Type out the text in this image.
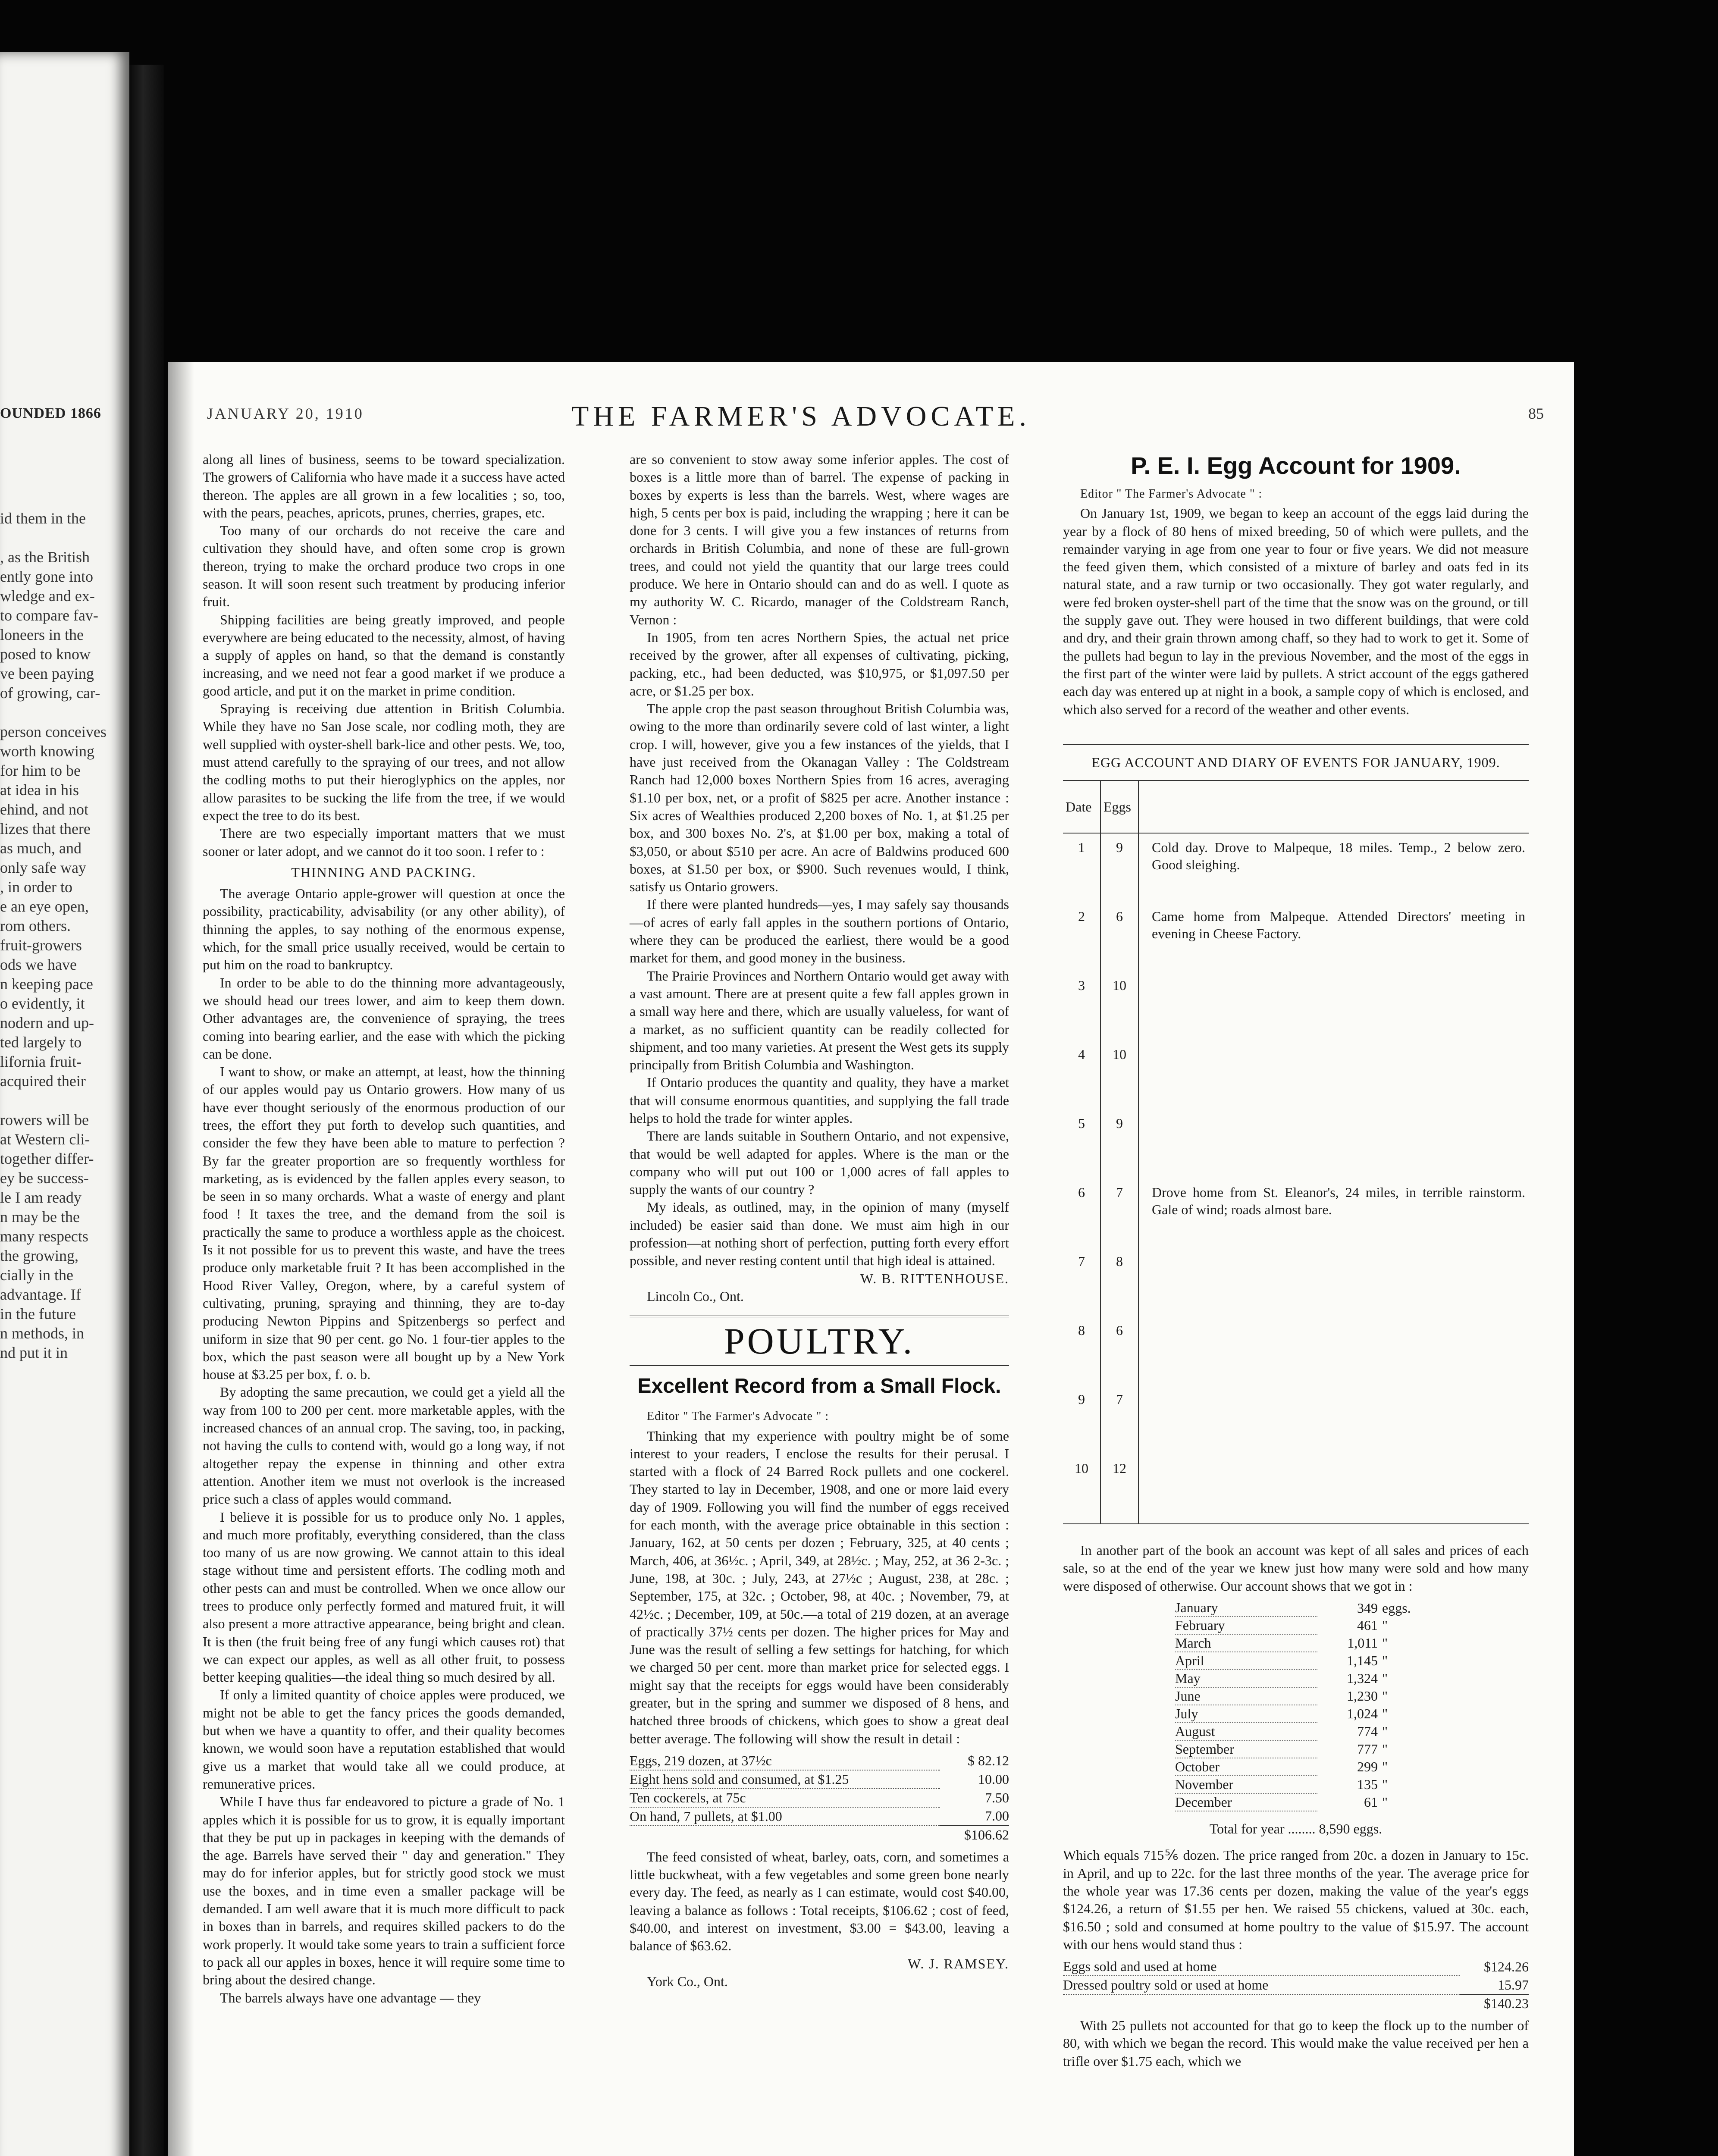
OUNDED 1866
id them in the

, as the British
ently gone into
wledge and ex-
to compare fav-
loneers in the
posed to know
ve been paying
of growing, car-

person conceives
worth knowing
for him to be
at idea in his
ehind, and not
lizes that there
as much, and
only safe way
, in order to
e an eye open,
rom others.
fruit-growers
ods we have
n keeping pace
o evidently, it
nodern and up-
ted largely to
lifornia fruit-
acquired their

rowers will be
at Western cli-
together differ-
ey be success-
le I am ready
n may be the
many respects
the growing,
cially in the
advantage. If
in the future
n methods, in
nd put it in
JANUARY 20, 1910	THE FARMER'S ADVOCATE.	85

along all lines of business, seems to be toward specialization. The growers of California who have made it a success have acted thereon. The apples are all grown in a few localities ; so, too, with the pears, peaches, apricots, prunes, cherries, grapes, etc.

Too many of our orchards do not receive the care and cultivation they should have, and often some crop is grown thereon, trying to make the orchard produce two crops in one season. It will soon resent such treatment by producing inferior fruit.

Shipping facilities are being greatly improved, and people everywhere are being educated to the necessity, almost, of having a supply of apples on hand, so that the demand is constantly increasing, and we need not fear a good market if we produce a good article, and put it on the market in prime condition.

Spraying is receiving due attention in British Columbia. While they have no San Jose scale, nor codling moth, they are well supplied with oyster-shell bark-lice and other pests. We, too, must attend carefully to the spraying of our trees, and not allow the codling moths to put their hieroglyphics on the apples, nor allow parasites to be sucking the life from the tree, if we would expect the tree to do its best.

There are two especially important matters that we must sooner or later adopt, and we cannot do it too soon. I refer to :

THINNING AND PACKING.

The average Ontario apple-grower will question at once the possibility, practicability, advisability (or any other ability), of thinning the apples, to say nothing of the enormous expense, which, for the small price usually received, would be certain to put him on the road to bankruptcy.

In order to be able to do the thinning more advantageously, we should head our trees lower, and aim to keep them down. Other advantages are, the convenience of spraying, the trees coming into bearing earlier, and the ease with which the picking can be done.

I want to show, or make an attempt, at least, how the thinning of our apples would pay us Ontario growers. How many of us have ever thought seriously of the enormous production of our trees, the effort they put forth to develop such quantities, and consider the few they have been able to mature to perfection ? By far the greater proportion are so frequently worthless for marketing, as is evidenced by the fallen apples every season, to be seen in so many orchards. What a waste of energy and plant food ! It taxes the tree, and the demand from the soil is practically the same to produce a worthless apple as the choicest. Is it not possible for us to prevent this waste, and have the trees produce only marketable fruit ? It has been accomplished in the Hood River Valley, Oregon, where, by a careful system of cultivating, pruning, spraying and thinning, they are to-day producing Newton Pippins and Spitzenbergs so perfect and uniform in size that 90 per cent. go No. 1 four-tier apples to the box, which the past season were all bought up by a New York house at $3.25 per box, f. o. b.

By adopting the same precaution, we could get a yield all the way from 100 to 200 per cent. more marketable apples, with the increased chances of an annual crop. The saving, too, in packing, not having the culls to contend with, would go a long way, if not altogether repay the expense in thinning and other extra attention. Another item we must not overlook is the increased price such a class of apples would command.

I believe it is possible for us to produce only No. 1 apples, and much more profitably, everything considered, than the class too many of us are now growing. We cannot attain to this ideal stage without time and persistent efforts. The codling moth and other pests can and must be controlled. When we once allow our trees to produce only perfectly formed and matured fruit, it will also present a more attractive appearance, being bright and clean. It is then (the fruit being free of any fungi which causes rot) that we can expect our apples, as well as all other fruit, to possess better keeping qualities—the ideal thing so much desired by all.

If only a limited quantity of choice apples were produced, we might not be able to get the fancy prices the goods demanded, but when we have a quantity to offer, and their quality becomes known, we would soon have a reputation established that would give us a market that would take all we could produce, at remunerative prices.

While I have thus far endeavored to picture a grade of No. 1 apples which it is possible for us to grow, it is equally important that they be put up in packages in keeping with the demands of the age. Barrels have served their " day and generation." They may do for inferior apples, but for strictly good stock we must use the boxes, and in time even a smaller package will be demanded. I am well aware that it is much more difficult to pack in boxes than in barrels, and requires skilled packers to do the work properly. It would take some years to train a sufficient force to pack all our apples in boxes, hence it will require some time to bring about the desired change.

The barrels always have one advantage — they

are so convenient to stow away some inferior apples. The cost of boxes is a little more than of barrel. The expense of packing in boxes by experts is less than the barrels. West, where wages are high, 5 cents per box is paid, including the wrapping ; here it can be done for 3 cents. I will give you a few instances of returns from orchards in British Columbia, and none of these are full-grown trees, and could not yield the quantity that our large trees could produce. We here in Ontario should can and do as well. I quote as my authority W. C. Ricardo, manager of the Coldstream Ranch, Vernon :

In 1905, from ten acres Northern Spies, the actual net price received by the grower, after all expenses of cultivating, picking, packing, etc., had been deducted, was $10,975, or $1,097.50 per acre, or $1.25 per box.

The apple crop the past season throughout British Columbia was, owing to the more than ordinarily severe cold of last winter, a light crop. I will, however, give you a few instances of the yields, that I have just received from the Okanagan Valley : The Coldstream Ranch had 12,000 boxes Northern Spies from 16 acres, averaging $1.10 per box, net, or a profit of $825 per acre. Another instance : Six acres of Wealthies produced 2,200 boxes of No. 1, at $1.25 per box, and 300 boxes No. 2's, at $1.00 per box, making a total of $3,050, or about $510 per acre. An acre of Baldwins produced 600 boxes, at $1.50 per box, or $900. Such revenues would, I think, satisfy us Ontario growers.

If there were planted hundreds—yes, I may safely say thousands—of acres of early fall apples in the southern portions of Ontario, where they can be produced the earliest, there would be a good market for them, and good money in the business.

The Prairie Provinces and Northern Ontario would get away with a vast amount. There are at present quite a few fall apples grown in a small way here and there, which are usually valueless, for want of a market, as no sufficient quantity can be readily collected for shipment, and too many varieties. At present the West gets its supply principally from British Columbia and Washington.

If Ontario produces the quantity and quality, they have a market that will consume enormous quantities, and supplying the fall trade helps to hold the trade for winter apples.

There are lands suitable in Southern Ontario, and not expensive, that would be well adapted for apples. Where is the man or the company who will put out 100 or 1,000 acres of fall apples to supply the wants of our country ?

My ideals, as outlined, may, in the opinion of many (myself included) be easier said than done. We must aim high in our profession—at nothing short of perfection, putting forth every effort possible, and never resting content until that high ideal is attained.

W. B. RITTENHOUSE.

Lincoln Co., Ont.

POULTRY.
Excellent Record from a Small Flock.

Editor " The Farmer's Advocate " :

Thinking that my experience with poultry might be of some interest to your readers, I enclose the results for their perusal. I started with a flock of 24 Barred Rock pullets and one cockerel. They started to lay in December, 1908, and one or more laid every day of 1909. Following you will find the number of eggs received for each month, with the average price obtainable in this section : January, 162, at 50 cents per dozen ; February, 325, at 40 cents ; March, 406, at 36½c. ; April, 349, at 28½c. ; May, 252, at 36 2-3c. ; June, 198, at 30c. ; July, 243, at 27½c ; August, 238, at 28c. ; September, 175, at 32c. ; October, 98, at 40c. ; November, 79, at 42½c. ; December, 109, at 50c.—a total of 219 dozen, at an average of practically 37½ cents per dozen. The higher prices for May and June was the result of selling a few settings for hatching, for which we charged 50 per cent. more than market price for selected eggs. I might say that the receipts for eggs would have been considerably greater, but in the spring and summer we disposed of 8 hens, and hatched three broods of chickens, which goes to show a great deal better average. The following will show the result in detail :

Eggs, 219 dozen, at 37½c	$ 82.12
Eight hens sold and consumed, at $1.25	10.00
Ten cockerels, at 75c	7.50
On hand, 7 pullets, at $1.00	7.00
	$106.62

The feed consisted of wheat, barley, oats, corn, and sometimes a little buckwheat, with a few vegetables and some green bone nearly every day. The feed, as nearly as I can estimate, would cost $40.00, leaving a balance as follows : Total receipts, $106.62 ; cost of feed, $40.00, and interest on investment, $3.00 = $43.00, leaving a balance of $63.62.

W. J. RAMSEY.

York Co., Ont.

P. E. I. Egg Account for 1909.

Editor " The Farmer's Advocate " :

On January 1st, 1909, we began to keep an account of the eggs laid during the year by a flock of 80 hens of mixed breeding, 50 of which were pullets, and the remainder varying in age from one year to four or five years. We did not measure the feed given them, which consisted of a mixture of barley and oats fed in its natural state, and a raw turnip or two occasionally. They got water regularly, and were fed broken oyster-shell part of the time that the snow was on the ground, or till the supply gave out. They were housed in two different buildings, that were cold and dry, and their grain thrown among chaff, so they had to work to get it. Some of the pullets had begun to lay in the previous November, and the most of the eggs in the first part of the winter were laid by pullets. A strict account of the eggs gathered each day was entered up at night in a book, a sample copy of which is enclosed, and which also served for a record of the weather and other events.

EGG ACCOUNT AND DIARY OF EVENTS FOR JANUARY, 1909.

Date	Eggs	
1	9	Cold day. Drove to Malpeque, 18 miles. Temp., 2 below zero. Good sleighing.
2	6	Came home from Malpeque. Attended Directors' meeting in evening in Cheese Factory.
3	10	
4	10	
5	9	
6	7	Drove home from St. Eleanor's, 24 miles, in terrible rainstorm. Gale of wind; roads almost bare.
7	8	
8	6	
9	7	
10	12	

In another part of the book an account was kept of all sales and prices of each sale, so at the end of the year we knew just how many were sold and how many were disposed of otherwise. Our account shows that we got in :

January	349	eggs.
February	461	"
March	1,011	"
April	1,145	"
May	1,324	"
June	1,230	"
July	1,024	"
August	774	"
September	777	"
October	299	"
November	135	"
December	61	"

Total for year ........ 8,590 eggs.

Which equals 715⅚ dozen. The price ranged from 20c. a dozen in January to 15c. in April, and up to 22c. for the last three months of the year. The average price for the whole year was 17.36 cents per dozen, making the value of the year's eggs $124.26, a return of $1.55 per hen. We raised 55 chickens, valued at 30c. each, $16.50 ; sold and consumed at home poultry to the value of $15.97. The account with our hens would stand thus :

Eggs sold and used at home	$124.26
Dressed poultry sold or used at home	15.97
	$140.23

With 25 pullets not accounted for that go to keep the flock up to the number of 80, with which we began the record. This would make the value received per hen a trifle over $1.75 each, which we
